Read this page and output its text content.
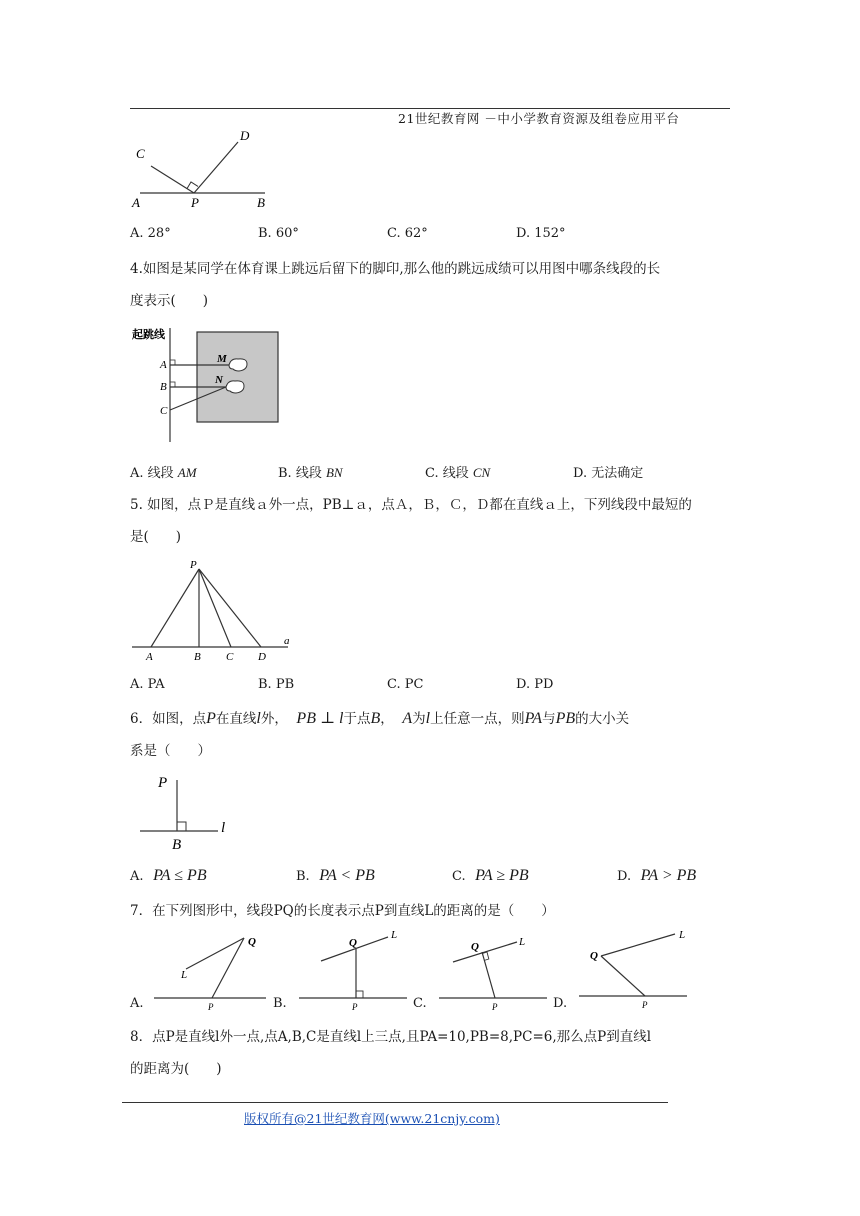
21世纪教育网 －中小学教育资源及组卷应用平台
C
D
A	P	B
A. 28°	B. 60°	C. 62°	D. 152°
4.如图是某同学在体育课上跳远后留下的脚印,那么他的跳远成绩可以用图中哪条线段的长
度表示(　　)
起跳线
A
B
C
M
N
A. 线段 AM	B. 线段 BN	C. 线段 CN	D. 无法确定
5. 如图，点Ｐ是直线ａ外一点，PB⊥ａ，点Ａ，Ｂ，Ｃ，Ｄ都在直线ａ上，下列线段中最短的
是(　　)
P
A	B C D
a
A. PA	B. PB	C. PC	D. PD
6．如图，点P在直线l外， PB ⊥ l于点B， A为l上任意一点，则PA与PB的大小关
系是（　　）
P
B
l
A. PA ≤ PB	B. PA < PB	C. PA ≥ PB	D. PA > PB
7．在下列图形中，线段PQ的长度表示点P到直线L的距离的是（　　）
A.
Q
L
P	B.
Q
L
P	C.
Q	L
P	D.
Q
L
P
8．点P是直线l外一点,点A,B,C是直线l上三点,且PA=10,PB=8,PC=6,那么点P到直线l
的距离为(　　)
版权所有@21世纪教育网(www.21cnjy.com)
